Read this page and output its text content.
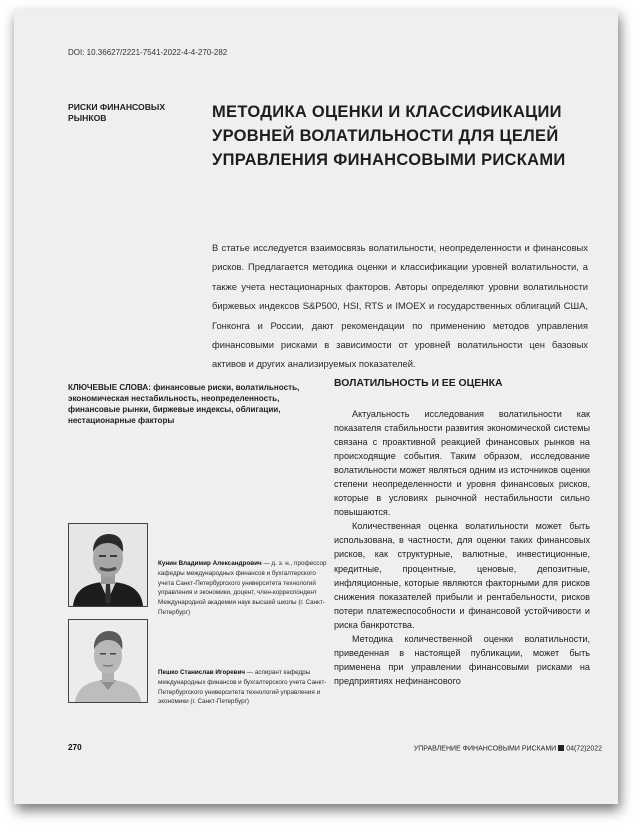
DOI: 10.36627/2221-7541-2022-4-4-270-282
РИСКИ ФИНАНСОВЫХ
РЫНКОВ	МЕТОДИКА ОЦЕНКИ И КЛАССИФИКАЦИИ
УРОВНЕЙ ВОЛАТИЛЬНОСТИ ДЛЯ ЦЕЛЕЙ
УПРАВЛЕНИЯ ФИНАНСОВЫМИ РИСКАМИ
В статье исследуется взаимосвязь волатильности, неопределенности и финансовых рисков. Предлагается методика оценки и классификации уровней волатильности, а также учета нестационарных факторов. Авторы определяют уровни волатильности биржевых индексов S&P500, HSI, RTS и IMOEX и государственных облигаций США, Гонконга и России, дают рекомендации по применению методов управления финансовыми рисками в зависимости от уровней волатильности цен базовых активов и других анализируемых показателей.
КЛЮЧЕВЫЕ СЛОВА: финансовые риски, волатильность, экономическая нестабильность, неопределенность, финансовые рынки, биржевые индексы, облигации, нестационарные факторы
ВОЛАТИЛЬНОСТЬ И ЕЕ ОЦЕНКА

Актуальность исследования волатильности как показателя стабильности развития экономической системы связана с проактивной реакцией финансовых рынков на происходящие события. Таким образом, исследование волатильности может являться одним из источников оценки степени неопределенности и уровня финансовых рисков, которые в условиях рыночной нестабильности сильно повышаются.

Количественная оценка волатильности может быть использована, в частности, для оценки таких финансовых рисков, как структурные, валютные, инвестиционные, кредитные, процентные, ценовые, депозитные, инфляционные, которые являются факторными для рисков снижения показателей прибыли и рентабельности, рисков потери платежеспособности и финансовой устойчивости и риска банкротства.

Методика количественной оценки волатильности, приведенная в настоящей публикации, может быть применена при управлении финансовыми рисками на предприятиях нефинансового

Кунин Владимир Александрович — д. э. н., профессор кафедры международных финансов и бухгалтерского учета Санкт-Петербургского университета технологий управления и экономики, доцент, член-корреспондент Международной академии наук высшей школы (г. Санкт-Петербург)
Пешко Станислав Игоревич — аспирант кафедры международных финансов и бухгалтерского учета Санкт-Петербургского университета технологий управления и экономики (г. Санкт-Петербург)
270	УПРАВЛЕНИЕ ФИНАНСОВЫМИ РИСКАМИ 04(72)2022
